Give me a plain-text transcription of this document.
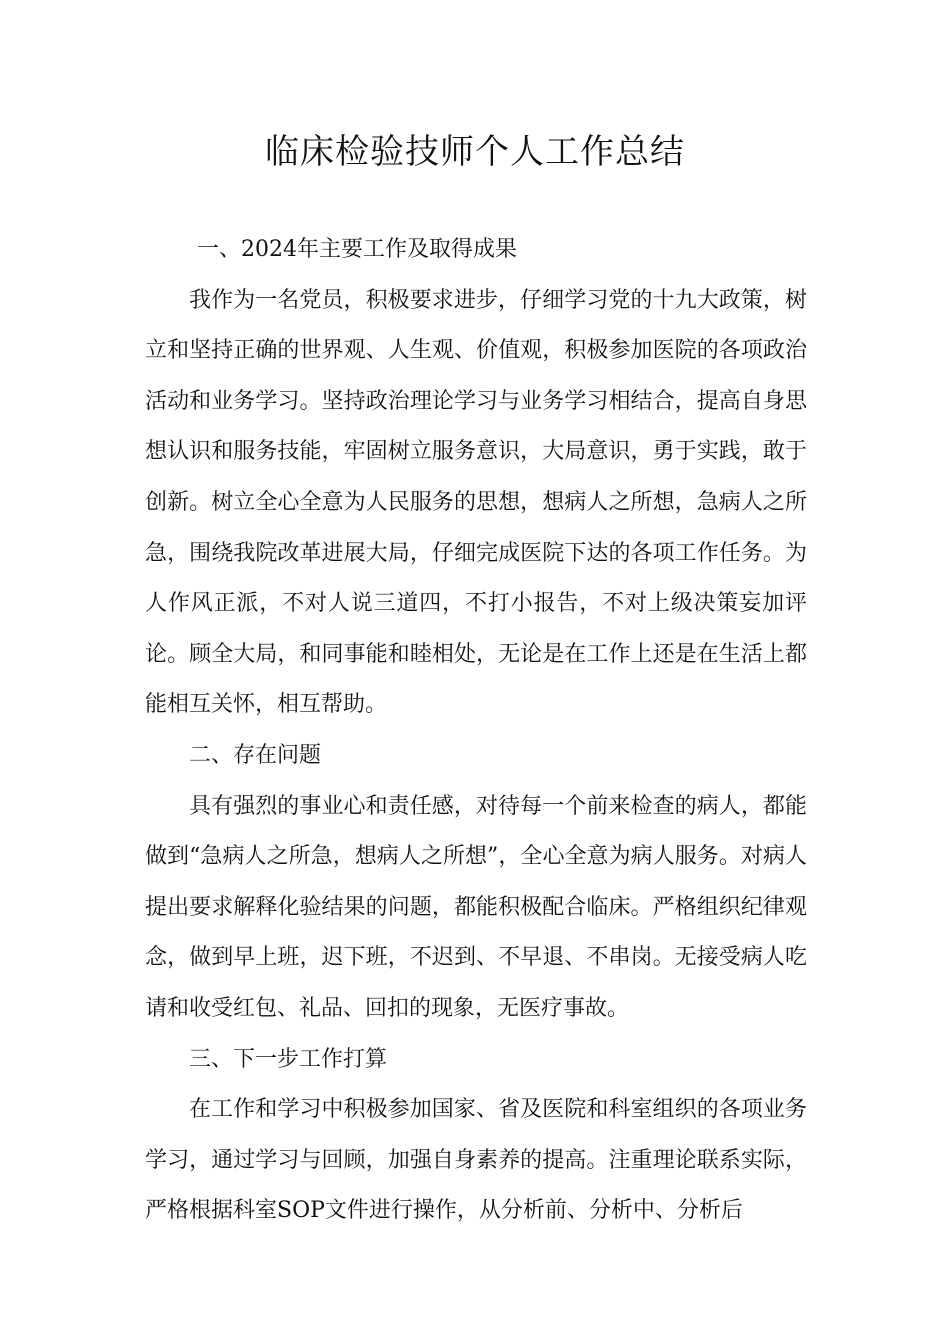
临床检验技师个人工作总结
一、2024年主要工作及取得成果

我作为一名党员，积极要求进步，仔细学习党的十九大政策，树立和坚持正确的世界观、人生观、价值观，积极参加医院的各项政治活动和业务学习。坚持政治理论学习与业务学习相结合，提高自身思想认识和服务技能，牢固树立服务意识，大局意识，勇于实践，敢于创新。树立全心全意为人民服务的思想，想病人之所想，急病人之所急，围绕我院改革进展大局，仔细完成医院下达的各项工作任务。为人作风正派，不对人说三道四，不打小报告，不对上级决策妄加评论。顾全大局，和同事能和睦相处，无论是在工作上还是在生活上都能相互关怀，相互帮助。

二、存在问题

具有强烈的事业心和责任感，对待每一个前来检查的病人，都能做到“急病人之所急，想病人之所想”，全心全意为病人服务。对病人提出要求解释化验结果的问题，都能积极配合临床。严格组织纪律观念，做到早上班，迟下班，不迟到、不早退、不串岗。无接受病人吃请和收受红包、礼品、回扣的现象，无医疗事故。

三、下一步工作打算

在工作和学习中积极参加国家、省及医院和科室组织的各项业务学习，通过学习与回顾，加强自身素养的提高。注重理论联系实际，严格根据科室SOP文件进行操作，从分析前、分析中、分析后
